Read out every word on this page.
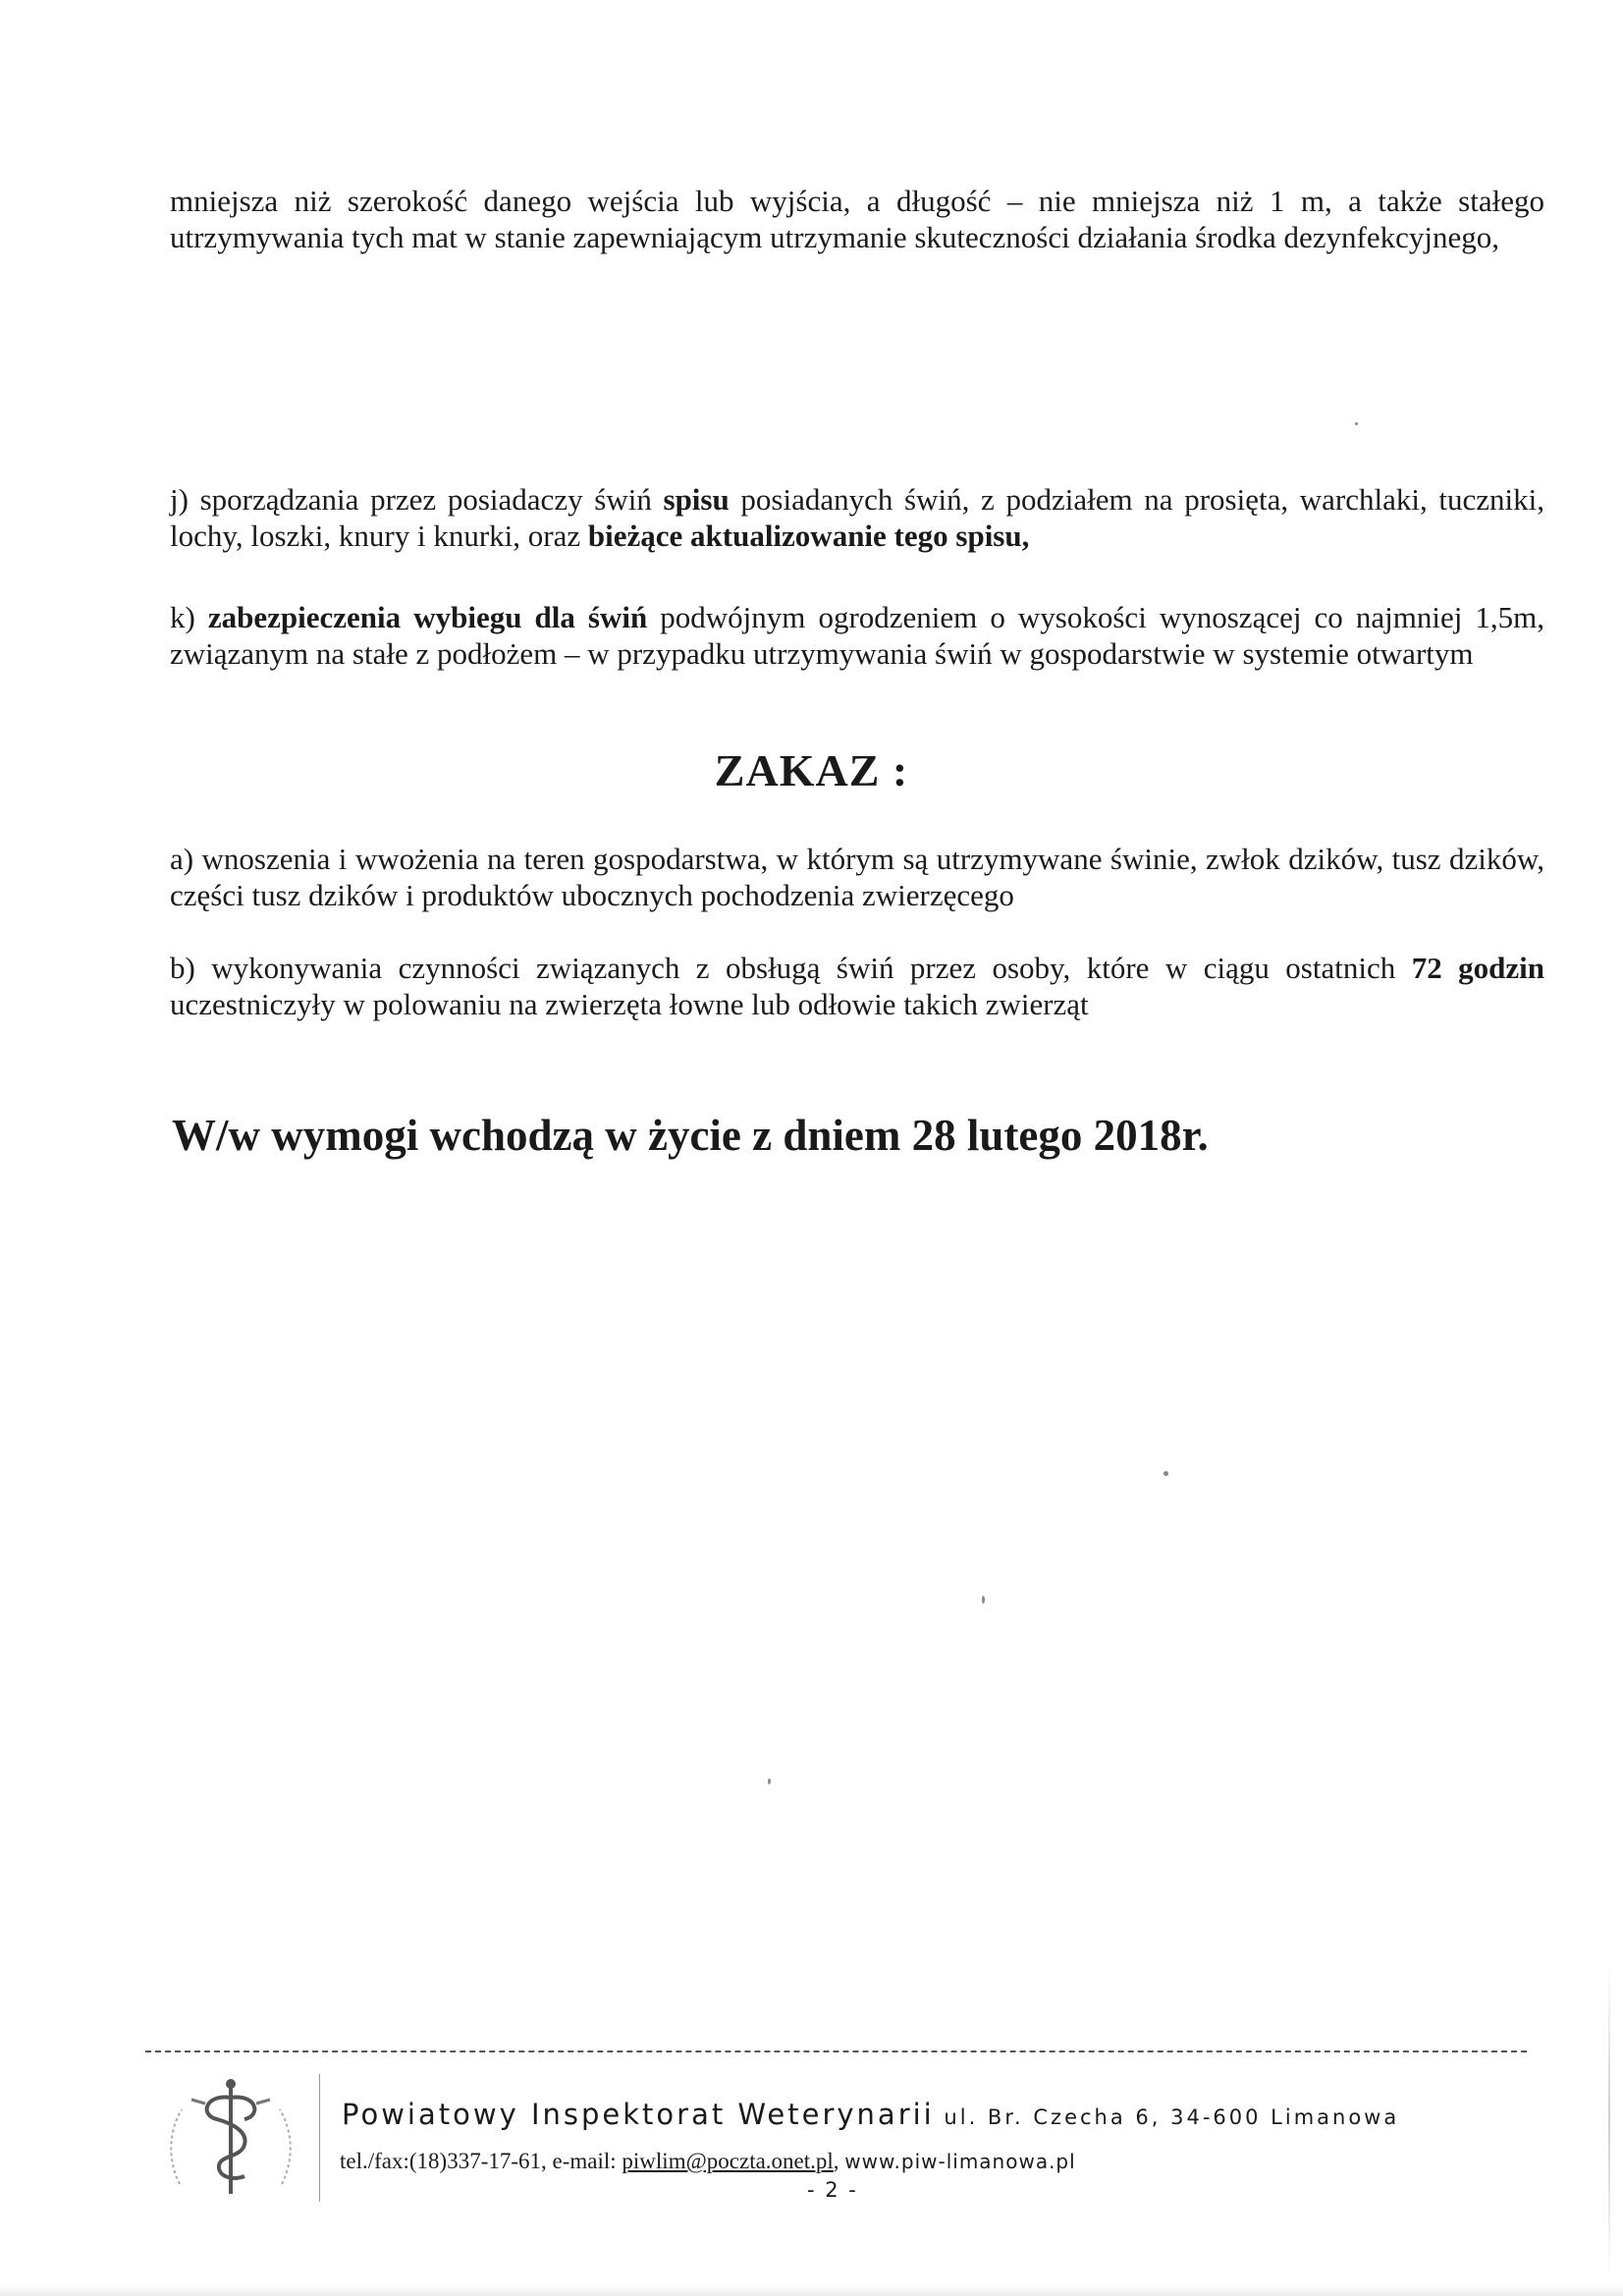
mniejsza niż szerokość danego wejścia lub wyjścia, a długość – nie mniejsza niż 1 m, a także stałego utrzymywania tych mat w stanie zapewniającym utrzymanie skuteczności działania środka dezynfekcyjnego,

j) sporządzania przez posiadaczy świń spisu posiadanych świń, z podziałem na prosięta, warchlaki, tuczniki, lochy, loszki, knury i knurki, oraz bieżące aktualizowanie tego spisu,

k) zabezpieczenia wybiegu dla świń podwójnym ogrodzeniem o wysokości wynoszącej co najmniej 1,5m, związanym na stałe z podłożem – w przypadku utrzymywania świń w gospodarstwie w systemie otwartym

ZAKAZ :

a) wnoszenia i wwożenia na teren gospodarstwa, w którym są utrzymywane świnie, zwłok dzików, tusz dzików, części tusz dzików i produktów ubocznych pochodzenia zwierzęcego

b) wykonywania czynności związanych z obsługą świń przez osoby, które w ciągu ostatnich 72 godzin uczestniczyły w polowaniu na zwierzęta łowne lub odłowie takich zwierząt

W/w wymogi wchodzą w życie z dniem 28 lutego 2018r.
Powiatowy Inspektorat Weterynarii ul. Br. Czecha 6, 34-600 Limanowa
tel./fax:(18)337-17-61, e-mail: piwlim@poczta.onet.pl, www.piw-limanowa.pl
- 2 -
